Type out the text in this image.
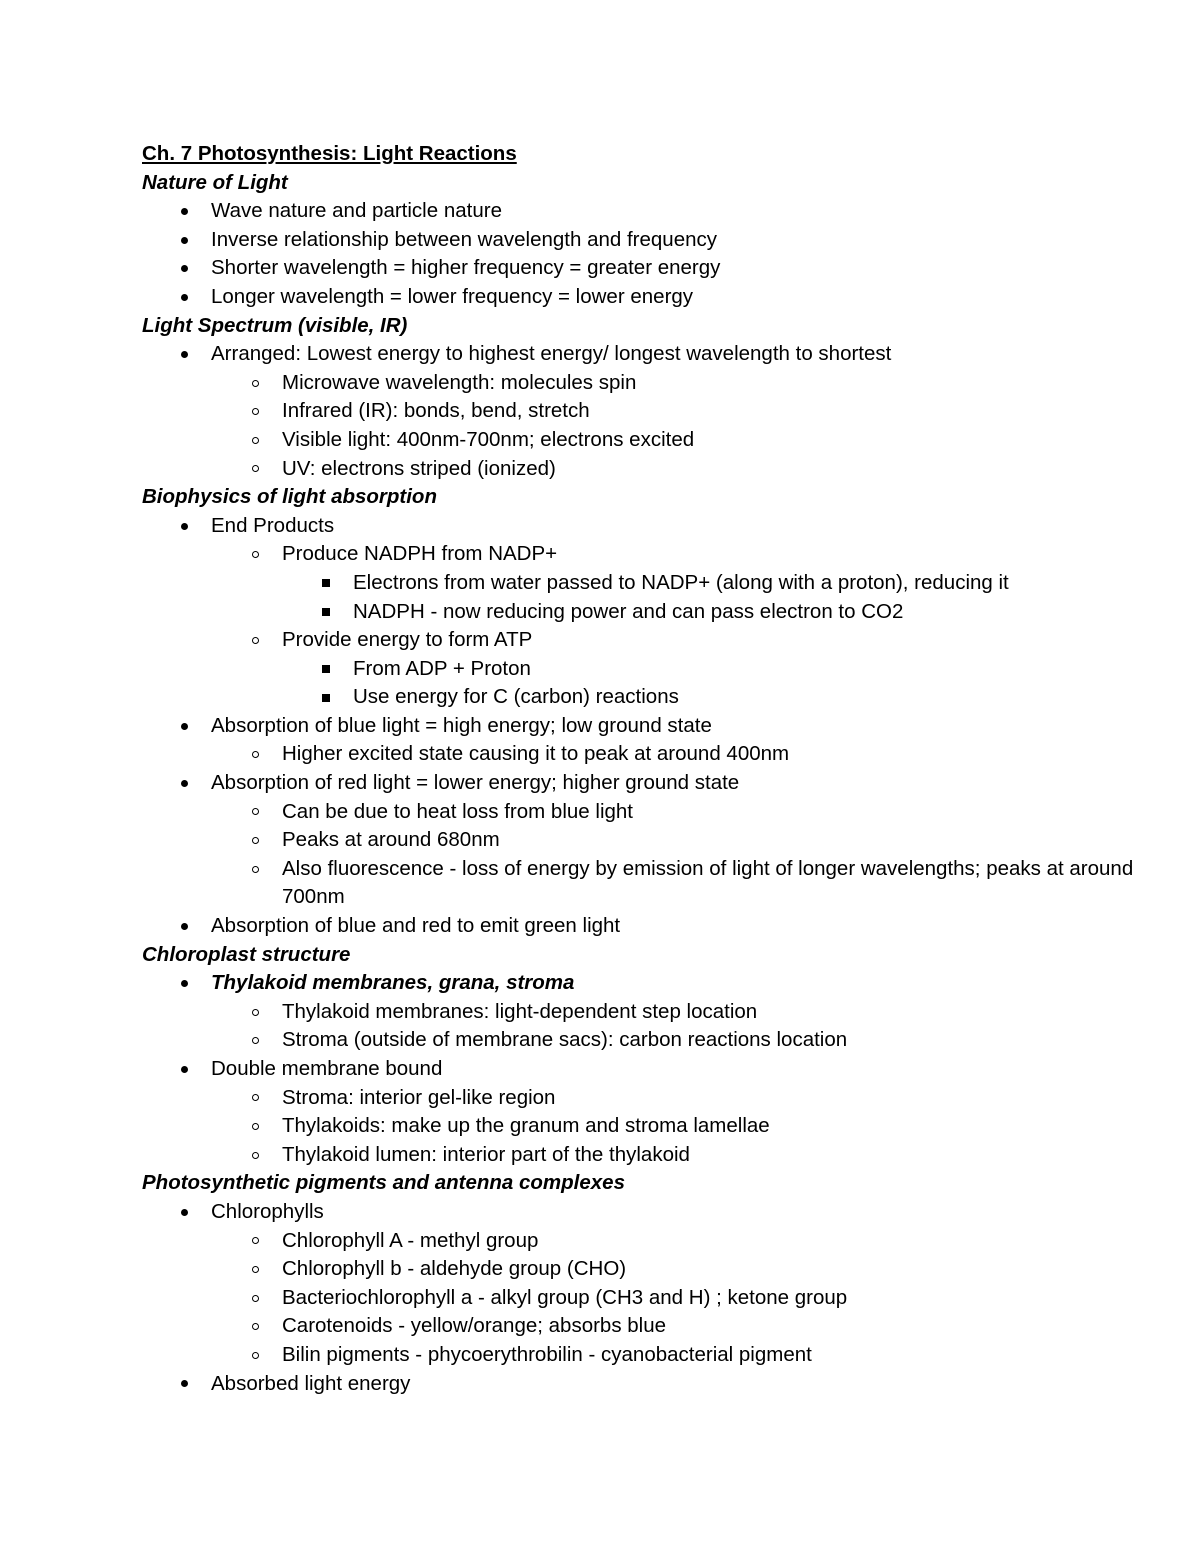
Ch. 7 Photosynthesis: Light Reactions
Nature of Light
Wave nature and particle nature
Inverse relationship between wavelength and frequency
Shorter wavelength = higher frequency = greater energy
Longer wavelength = lower frequency = lower energy
Light Spectrum (visible, IR)
Arranged: Lowest energy to highest energy/ longest wavelength to shortest
Microwave wavelength: molecules spin
Infrared (IR): bonds, bend, stretch
Visible light: 400nm-700nm; electrons excited
UV: electrons striped (ionized)
Biophysics of light absorption
End Products
Produce NADPH from NADP+
Electrons from water passed to NADP+ (along with a proton), reducing it
NADPH - now reducing power and can pass electron to CO2
Provide energy to form ATP
From ADP + Proton
Use energy for C (carbon) reactions
Absorption of blue light = high energy; low ground state
Higher excited state causing it to peak at around 400nm
Absorption of red light = lower energy; higher ground state
Can be due to heat loss from blue light
Peaks at around 680nm
Also fluorescence - loss of energy by emission of light of longer wavelengths; peaks at around 700nm
Absorption of blue and red to emit green light
Chloroplast structure
Thylakoid membranes, grana, stroma
Thylakoid membranes: light-dependent step location
Stroma (outside of membrane sacs): carbon reactions location
Double membrane bound
Stroma: interior gel-like region
Thylakoids: make up the granum and stroma lamellae
Thylakoid lumen: interior part of the thylakoid
Photosynthetic pigments and antenna complexes
Chlorophylls
Chlorophyll A - methyl group
Chlorophyll b - aldehyde group (CHO)
Bacteriochlorophyll a - alkyl group (CH3 and H) ; ketone group
Carotenoids - yellow/orange; absorbs blue
Bilin pigments - phycoerythrobilin - cyanobacterial pigment
Absorbed light energy
